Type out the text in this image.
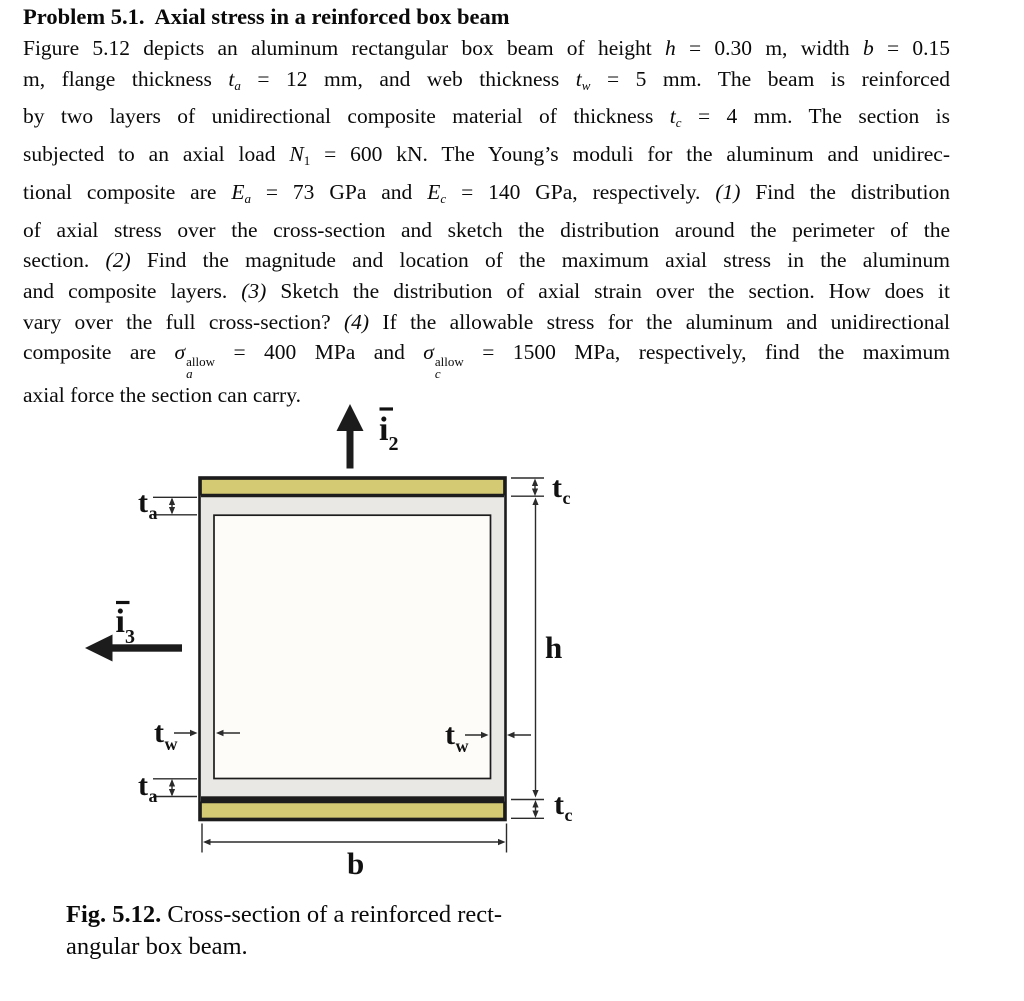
Problem 5.1.  Axial stress in a reinforced box beam
Figure 5.12 depicts an aluminum rectangular box beam of height h = 0.30 m, width b = 0.15
m, flange thickness ta = 12 mm, and web thickness tw = 5 mm. The beam is reinforced
by two layers of unidirectional composite material of thickness tc = 4 mm. The section is
subjected to an axial load N1 = 600 kN. The Young’s moduli for the aluminum and unidirec-
tional composite are Ea = 73 GPa and Ec = 140 GPa, respectively. (1) Find the distribution
of axial stress over the cross-section and sketch the distribution around the perimeter of the
section. (2) Find the magnitude and location of the maximum axial stress in the aluminum
and composite layers. (3) Sketch the distribution of axial strain over the section. How does it
vary over the full cross-section? (4) If the allowable stress for the aluminum and unidirectional
composite are σ allow
a
= 400 MPa and σ allow
c
= 1500 MPa, respectively, find the maximum
axial force the section can carry.
i 2
i 3
t a
t a
t w	t w
t c
h
t c
b
Fig. 5.12. Cross-section of a reinforced rect-
angular box beam.
